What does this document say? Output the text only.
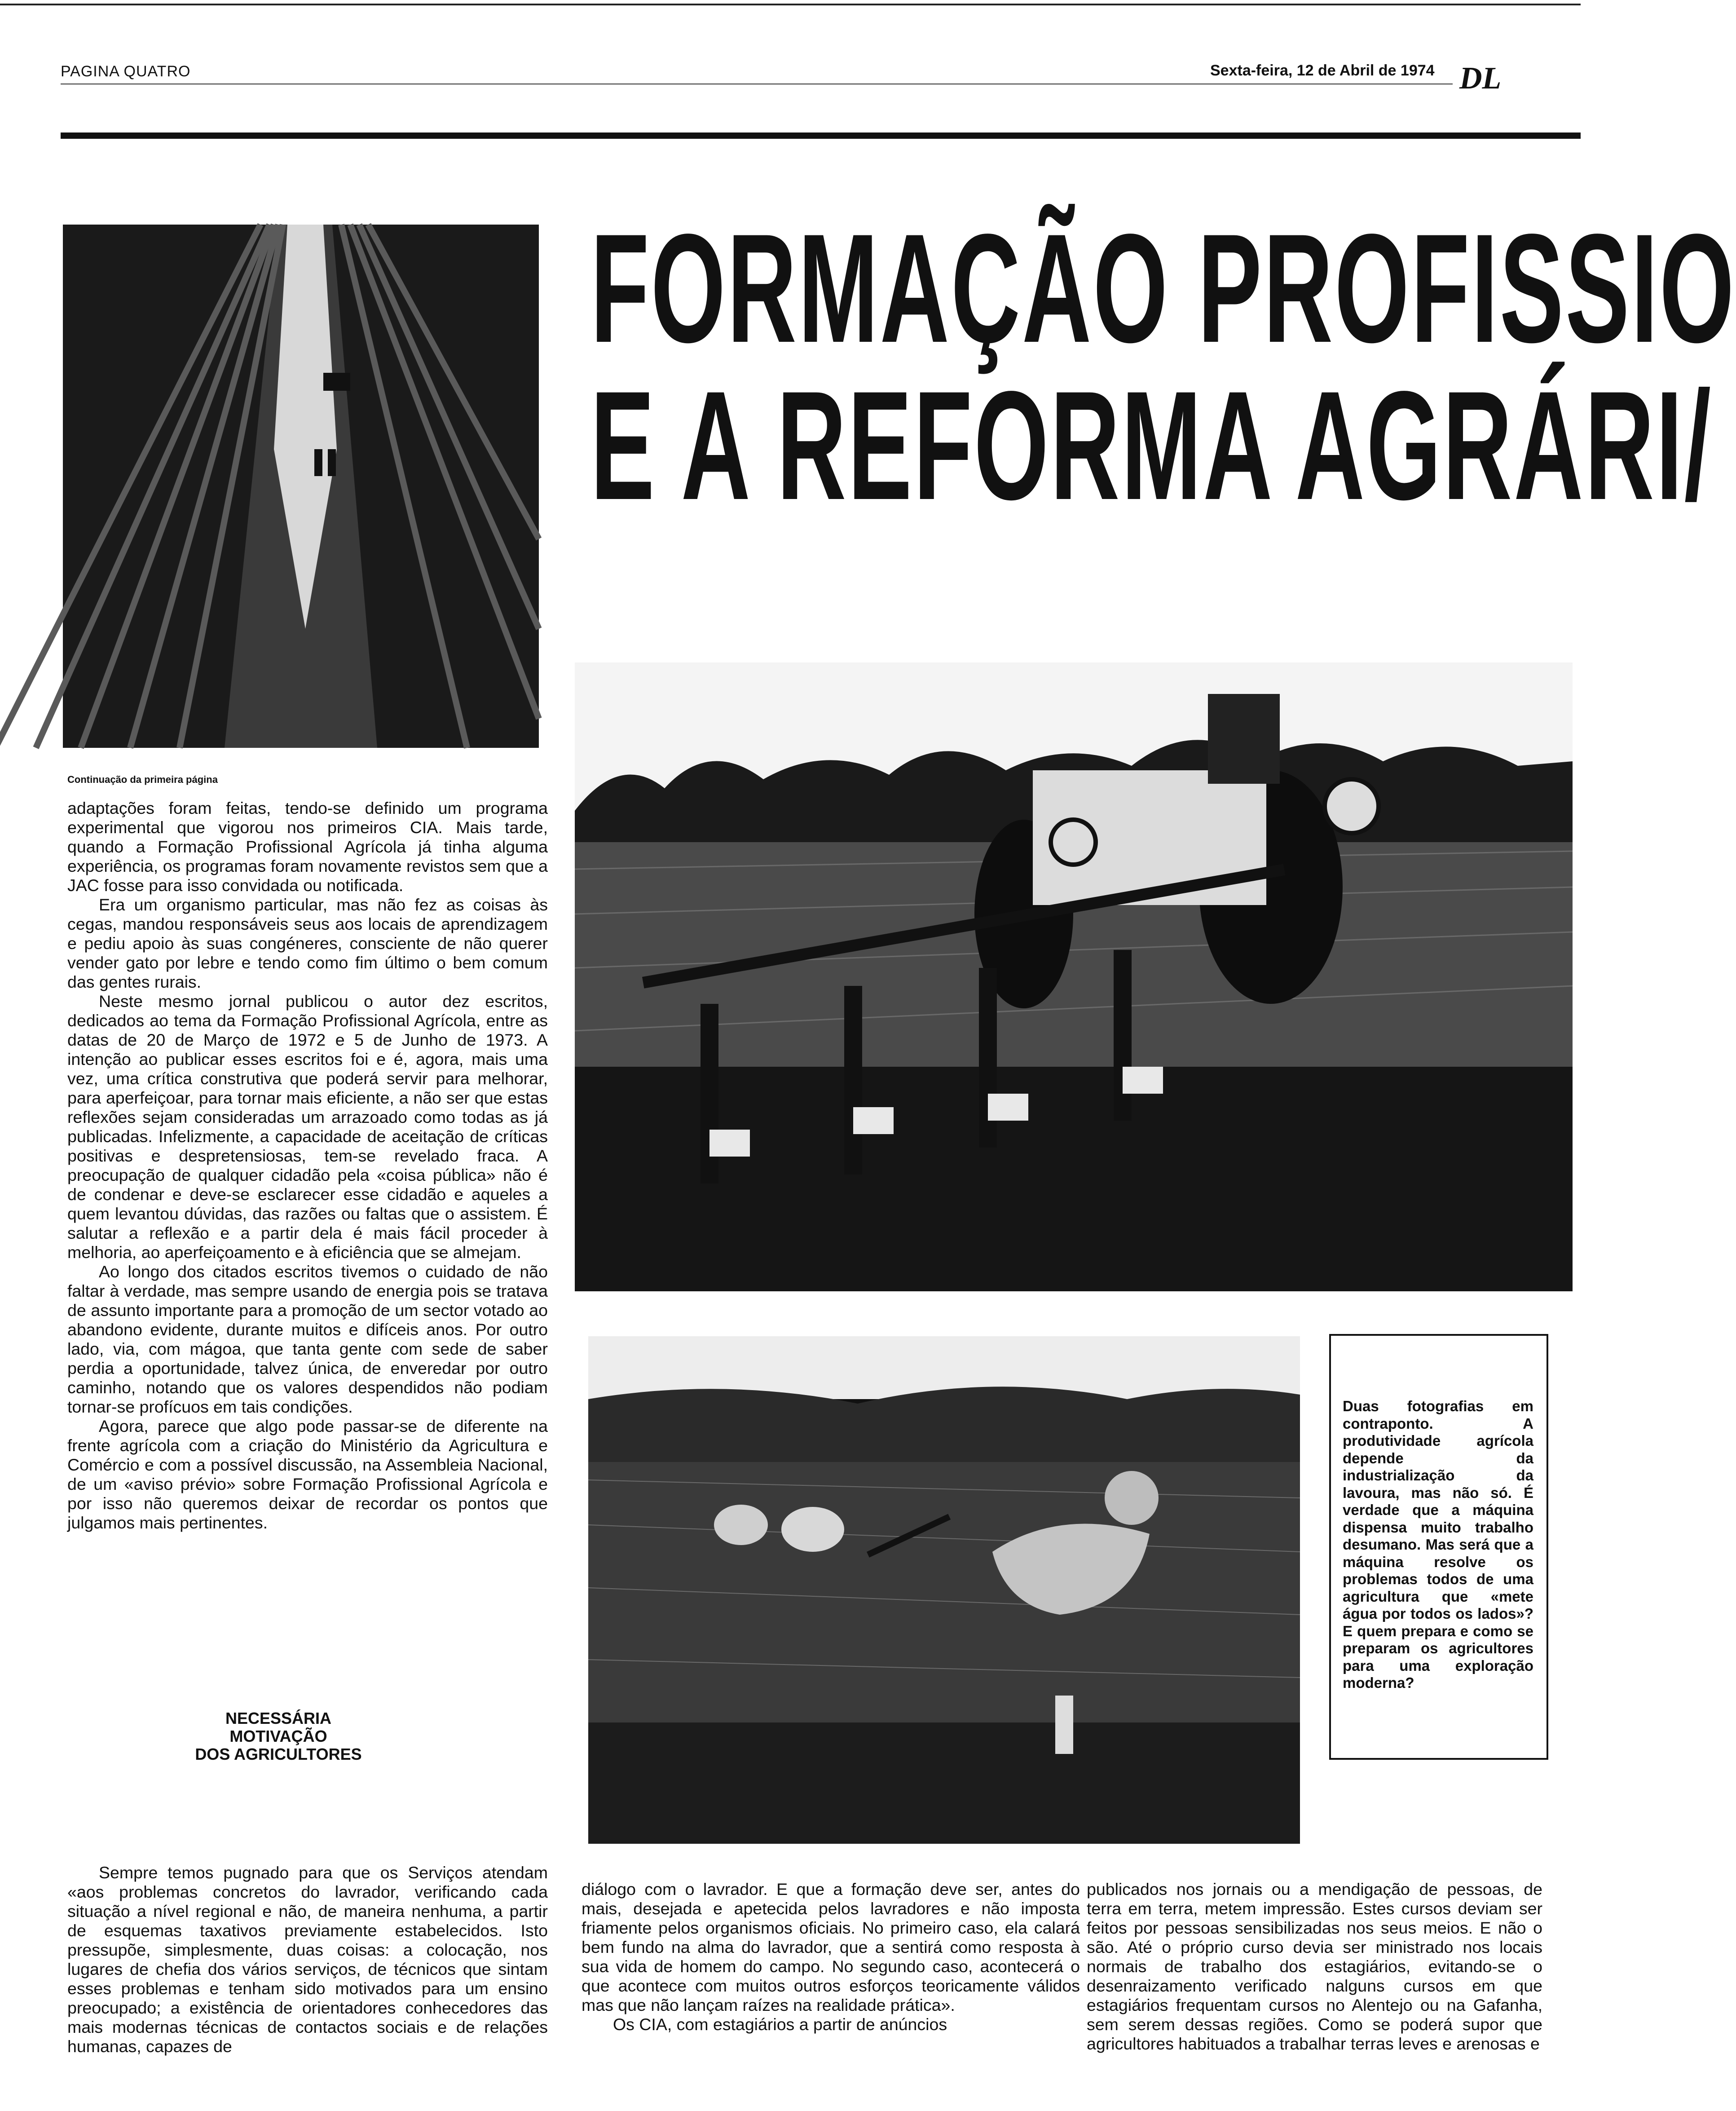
PAGINA QUATRO	Sexta-feira, 12 de Abril de 1974 DL
FORMAÇÃO PROFISSIO
E A REFORMA AGRÁRI/
Continuação da primeira página

adaptações foram feitas, tendo-se definido um programa experimental que vigorou nos primeiros CIA. Mais tarde, quando a Formação Profissional Agrícola já tinha alguma experiência, os programas foram novamente revistos sem que a JAC fosse para isso convidada ou notificada.

Era um organismo particular, mas não fez as coisas às cegas, mandou responsáveis seus aos locais de aprendizagem e pediu apoio às suas congéneres, consciente de não querer vender gato por lebre e tendo como fim último o bem comum das gentes rurais.

Neste mesmo jornal publicou o autor dez escritos, dedicados ao tema da Formação Profissional Agrícola, entre as datas de 20 de Março de 1972 e 5 de Junho de 1973. A intenção ao publicar esses escritos foi e é, agora, mais uma vez, uma crítica construtiva que poderá servir para melhorar, para aperfeiçoar, para tornar mais eficiente, a não ser que estas reflexões sejam consideradas um arrazoado como todas as já publicadas. Infelizmente, a capacidade de aceitação de críticas positivas e despretensiosas, tem-se revelado fraca. A preocupação de qualquer cidadão pela «coisa pública» não é de condenar e deve-se esclarecer esse cidadão e aqueles a quem levantou dúvidas, das razões ou faltas que o assistem. É salutar a reflexão e a partir dela é mais fácil proceder à melhoria, ao aperfeiçoamento e à eficiência que se almejam.

Ao longo dos citados escritos tivemos o cuidado de não faltar à verdade, mas sempre usando de energia pois se tratava de assunto importante para a promoção de um sector votado ao abandono evidente, durante muitos e difíceis anos. Por outro lado, via, com mágoa, que tanta gente com sede de saber perdia a oportunidade, talvez única, de enveredar por outro caminho, notando que os valores despendidos não podiam tornar-se profícuos em tais condições.

Agora, parece que algo pode passar-se de diferente na frente agrícola com a criação do Ministério da Agricultura e Comércio e com a possível discussão, na Assembleia Nacional, de um «aviso prévio» sobre Formação Profissional Agrícola e por isso não queremos deixar de recordar os pontos que julgamos mais pertinentes.

NECESSÁRIA
MOTIVAÇÃO
DOS AGRICULTORES

Sempre temos pugnado para que os Serviços atendam «aos problemas concretos do lavrador, verificando cada situação a nível regional e não, de maneira nenhuma, a partir de esquemas taxativos previamente estabelecidos. Isto pressupõe, simplesmente, duas coisas: a colocação, nos lugares de chefia dos vários serviços, de técnicos que sintam esses problemas e tenham sido motivados para um ensino preocupado; a existência de orientadores conhecedores das mais modernas técnicas de contactos sociais e de relações humanas, capazes de

diálogo com o lavrador. E que a formação deve ser, antes do mais, desejada e apetecida pelos lavradores e não imposta friamente pelos organismos oficiais. No primeiro caso, ela calará bem fundo na alma do lavrador, que a sentirá como resposta à sua vida de homem do campo. No segundo caso, acontecerá o que acontece com muitos outros esforços teoricamente válidos mas que não lançam raízes na realidade prática».

Os CIA, com estagiários a partir de anúncios

publicados nos jornais ou a mendigação de pessoas, de terra em terra, metem impressão. Estes cursos deviam ser feitos por pessoas sensibilizadas nos seus meios. E não o são. Até o próprio curso devia ser ministrado nos locais normais de trabalho dos estagiários, evitando-se o desenraizamento verificado nalguns cursos em que estagiários frequentam cursos no Alentejo ou na Gafanha, sem serem dessas regiões. Como se poderá supor que agricultores habituados a trabalhar terras leves e arenosas e

Duas fotografias em contraponto. A produtividade agrícola depende da industrialização da lavoura, mas não só. É verdade que a máquina dispensa muito trabalho desumano. Mas será que a máquina resolve os problemas todos de uma agricultura que «mete água por todos os lados»? E quem prepara e como se preparam os agricultores para uma exploração moderna?
